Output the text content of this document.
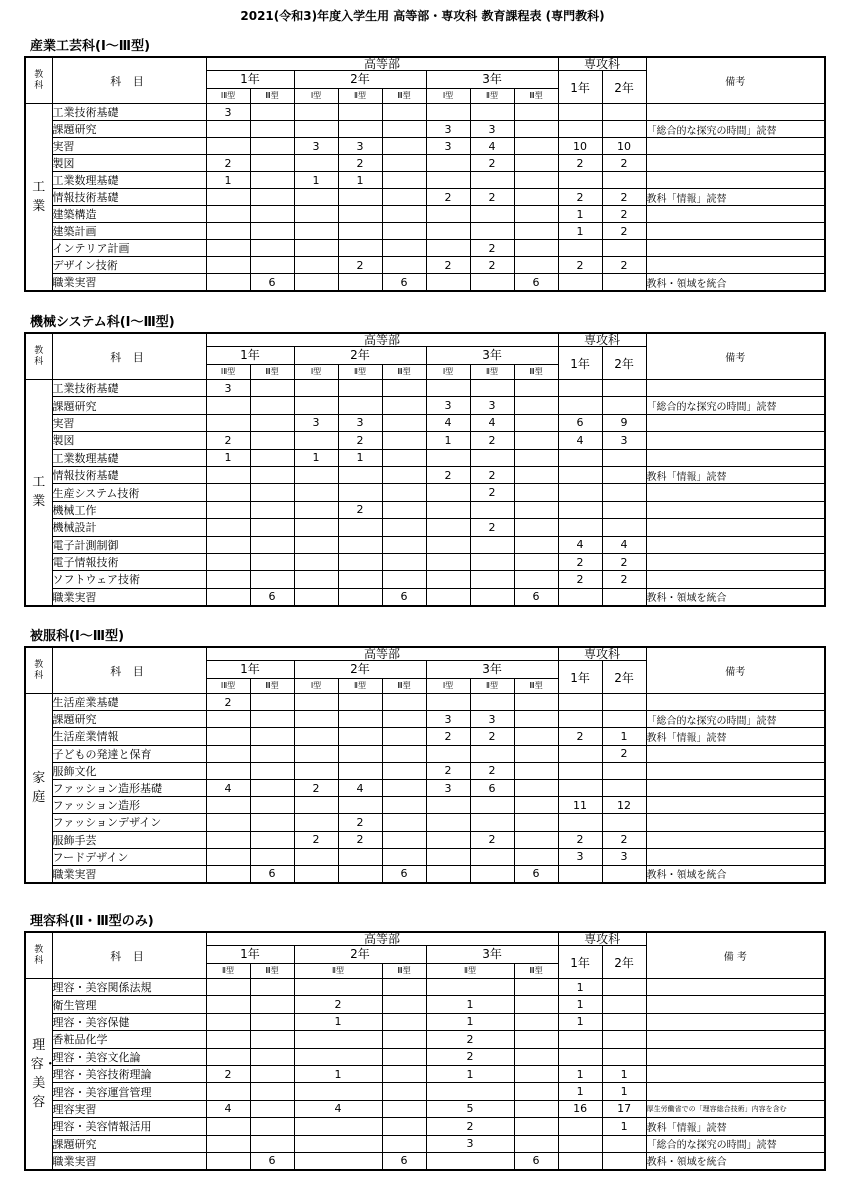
2021(令和3)年度入学生用 高等部・専攻科 教育課程表 (専門教科)
産業工芸科(Ⅰ～Ⅲ型)
教
科	科 目	高等部								専攻科		備考
		1年		2年			3年			1年	2年	
		ⅠⅡ型	Ⅲ型	Ⅰ型	Ⅱ型	Ⅲ型	Ⅰ型	Ⅱ型	Ⅲ型			
工業	工業技術基礎	3										
	課題研究						3	3				「総合的な探究の時間」読替
	実習			3	3		3	4		10	10	
	製図	2			2			2		2	2	
	工業数理基礎	1		1	1							
	情報技術基礎						2	2		2	2	教科「情報」読替
	建築構造									1	2	
	建築計画									1	2	
	インテリア計画							2				
	デザイン技術				2		2	2		2	2	
	職業実習		6			6			6			教科・領域を統合
機械システム科(Ⅰ～Ⅲ型)
教
科	科 目	高等部								専攻科		備考
		1年		2年			3年			1年	2年	
		ⅠⅡ型	Ⅲ型	Ⅰ型	Ⅱ型	Ⅲ型	Ⅰ型	Ⅱ型	Ⅲ型			
工業	工業技術基礎	3										
	課題研究						3	3				「総合的な探究の時間」読替
	実習			3	3		4	4		6	9	
	製図	2			2		1	2		4	3	
	工業数理基礎	1		1	1							
	情報技術基礎						2	2				教科「情報」読替
	生産システム技術							2				
	機械工作				2							
	機械設計							2				
	電子計測制御									4	4	
	電子情報技術									2	2	
	ソフトウェア技術									2	2	
	職業実習		6			6			6			教科・領域を統合
被服科(Ⅰ～Ⅲ型)
教
科	科 目	高等部								専攻科		備考
		1年		2年			3年			1年	2年	
		ⅠⅡ型	Ⅲ型	Ⅰ型	Ⅱ型	Ⅲ型	Ⅰ型	Ⅱ型	Ⅲ型			
家庭	生活産業基礎	2										
	課題研究						3	3				「総合的な探究の時間」読替
	生活産業情報						2	2		2	1	教科「情報」読替
	子どもの発達と保育										2	
	服飾文化						2	2				
	ファッション造形基礎	4		2	4		3	6				
	ファッション造形									11	12	
	ファッションデザイン				2							
	服飾手芸			2	2			2		2	2	
	フードデザイン									3	3	
	職業実習		6			6			6			教科・領域を統合
理容科(Ⅱ・Ⅲ型のみ)
教
科	科 目	高等部						専攻科		備 考
		1年		2年		3年		1年	2年	
		Ⅱ型	Ⅲ型	Ⅱ型	Ⅲ型	Ⅱ型	Ⅲ型			
理容・美容	理容・美容関係法規							1		
	衛生管理			2		1		1		
	理容・美容保健			1		1		1		
	香粧品化学					2				
	理容・美容文化論					2				
	理容・美容技術理論	2		1		1		1	1	
	理容・美容運営管理							1	1	
	理容実習	4		4		5		16	17	厚生労働省での「理容総合技術」内容を含む
	理容・美容情報活用					2			1	教科「情報」読替
	課題研究					3				「総合的な探究の時間」読替
	職業実習		6		6		6			教科・領域を統合
